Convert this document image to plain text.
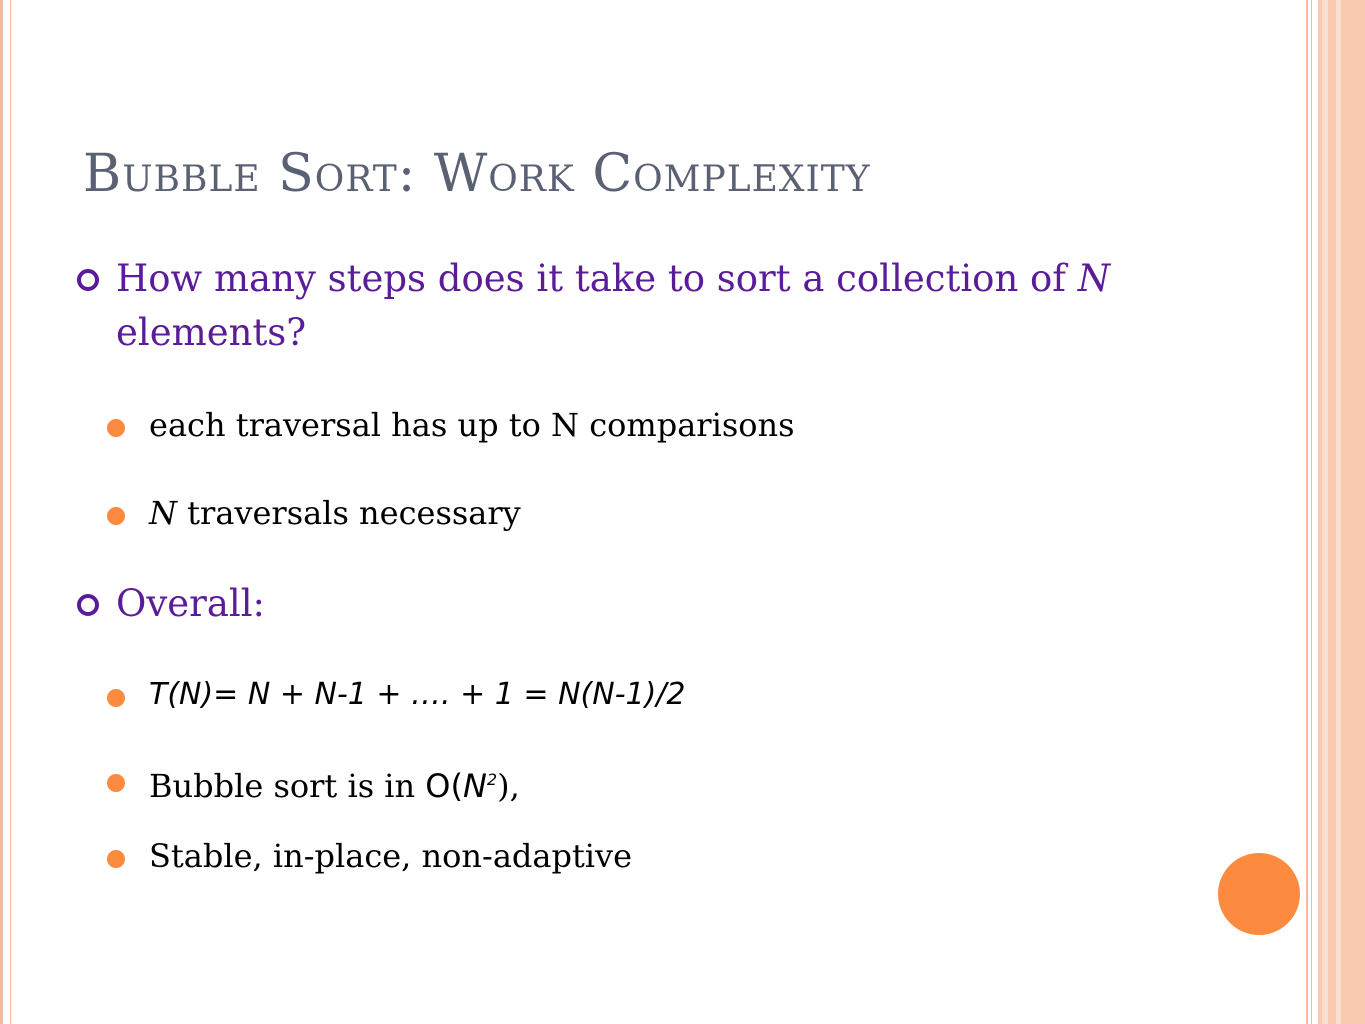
Bubble Sort: Work Complexity
How many steps does it take to sort a collection of N elements?
each traversal has up to N comparisons
N traversals necessary
Overall:
T(N)= N + N-1 + …. + 1 = N(N-1)/2
Bubble sort is in $O(N^2)$,
Stable, in-place, non-adaptive
